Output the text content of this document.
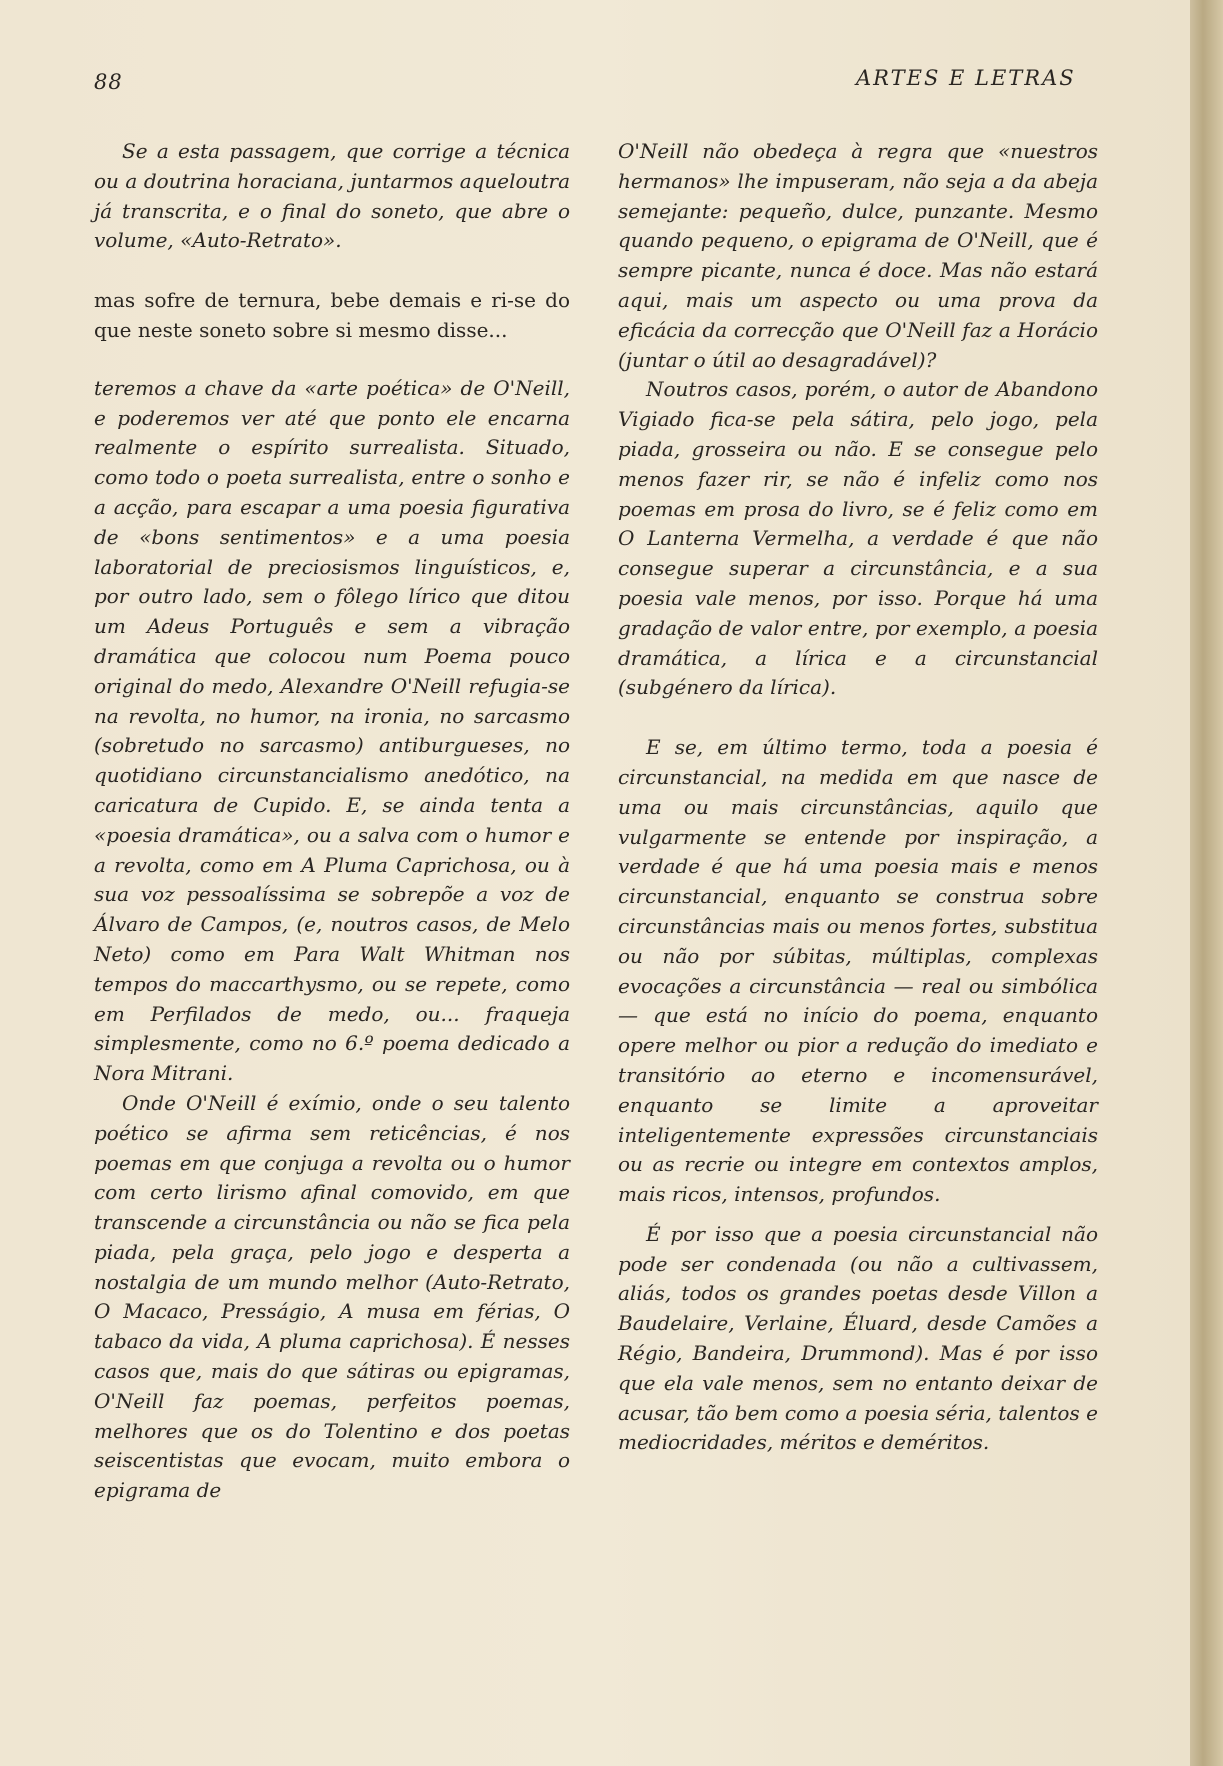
88	ARTES E LETRAS

Se a esta passagem, que corrige a técnica ou a doutrina horaciana, juntarmos aqueloutra já transcrita, e o final do soneto, que abre o volume, «Auto-Retrato».

mas sofre de ternura, bebe demais e ri-se do que neste soneto sobre si mesmo disse...

teremos a chave da «arte poética» de O'Neill, e poderemos ver até que ponto ele encarna realmente o espírito surrealista. Situado, como todo o poeta surrealista, entre o sonho e a acção, para escapar a uma poesia figurativa de «bons sentimentos» e a uma poesia laboratorial de preciosismos linguísticos, e, por outro lado, sem o fôlego lírico que ditou um Adeus Português e sem a vibração dramática que colocou num Poema pouco original do medo, Alexandre O'Neill refugia-se na revolta, no humor, na ironia, no sarcasmo (sobretudo no sarcasmo) antiburgueses, no quotidiano circunstancialismo anedótico, na caricatura de Cupido. E, se ainda tenta a «poesia dramática», ou a salva com o humor e a revolta, como em A Pluma Caprichosa, ou à sua voz pessoalíssima se sobrepõe a voz de Álvaro de Campos, (e, noutros casos, de Melo Neto) como em Para Walt Whitman nos tempos do maccarthysmo, ou se repete, como em Perfilados de medo, ou... fraqueja simplesmente, como no 6.º poema dedicado a Nora Mitrani.

Onde O'Neill é exímio, onde o seu talento poético se afirma sem reticências, é nos poemas em que conjuga a revolta ou o humor com certo lirismo afinal comovido, em que transcende a circunstância ou não se fica pela piada, pela graça, pelo jogo e desperta a nostalgia de um mundo melhor (Auto-Retrato, O Macaco, Presságio, A musa em férias, O tabaco da vida, A pluma caprichosa). É nesses casos que, mais do que sátiras ou epigramas, O'Neill faz poemas, perfeitos poemas, melhores que os do Tolentino e dos poetas seiscentistas que evocam, muito embora o epigrama de

O'Neill não obedeça à regra que «nuestros hermanos» lhe impuseram, não seja a da abeja semejante: pequeño, dulce, punzante. Mesmo quando pequeno, o epigrama de O'Neill, que é sempre picante, nunca é doce. Mas não estará aqui, mais um aspecto ou uma prova da eficácia da correcção que O'Neill faz a Horácio (juntar o útil ao desagradável)?

Noutros casos, porém, o autor de Abandono Vigiado fica-se pela sátira, pelo jogo, pela piada, grosseira ou não. E se consegue pelo menos fazer rir, se não é infeliz como nos poemas em prosa do livro, se é feliz como em O Lanterna Vermelha, a verdade é que não consegue superar a circunstância, e a sua poesia vale menos, por isso. Porque há uma gradação de valor entre, por exemplo, a poesia dramática, a lírica e a circunstancial (subgénero da lírica).

E se, em último termo, toda a poesia é circunstancial, na medida em que nasce de uma ou mais circunstâncias, aquilo que vulgarmente se entende por inspiração, a verdade é que há uma poesia mais e menos circunstancial, enquanto se construa sobre circunstâncias mais ou menos fortes, substitua ou não por súbitas, múltiplas, complexas evocações a circunstância — real ou simbólica — que está no início do poema, enquanto opere melhor ou pior a redução do imediato e transitório ao eterno e incomensurável, enquanto se limite a aproveitar inteligentemente expressões circunstanciais ou as recrie ou integre em contextos amplos, mais ricos, intensos, profundos.

É por isso que a poesia circunstancial não pode ser condenada (ou não a cultivassem, aliás, todos os grandes poetas desde Villon a Baudelaire, Verlaine, Éluard, desde Camões a Régio, Bandeira, Drummond). Mas é por isso que ela vale menos, sem no entanto deixar de acusar, tão bem como a poesia séria, talentos e mediocridades, méritos e deméritos.
